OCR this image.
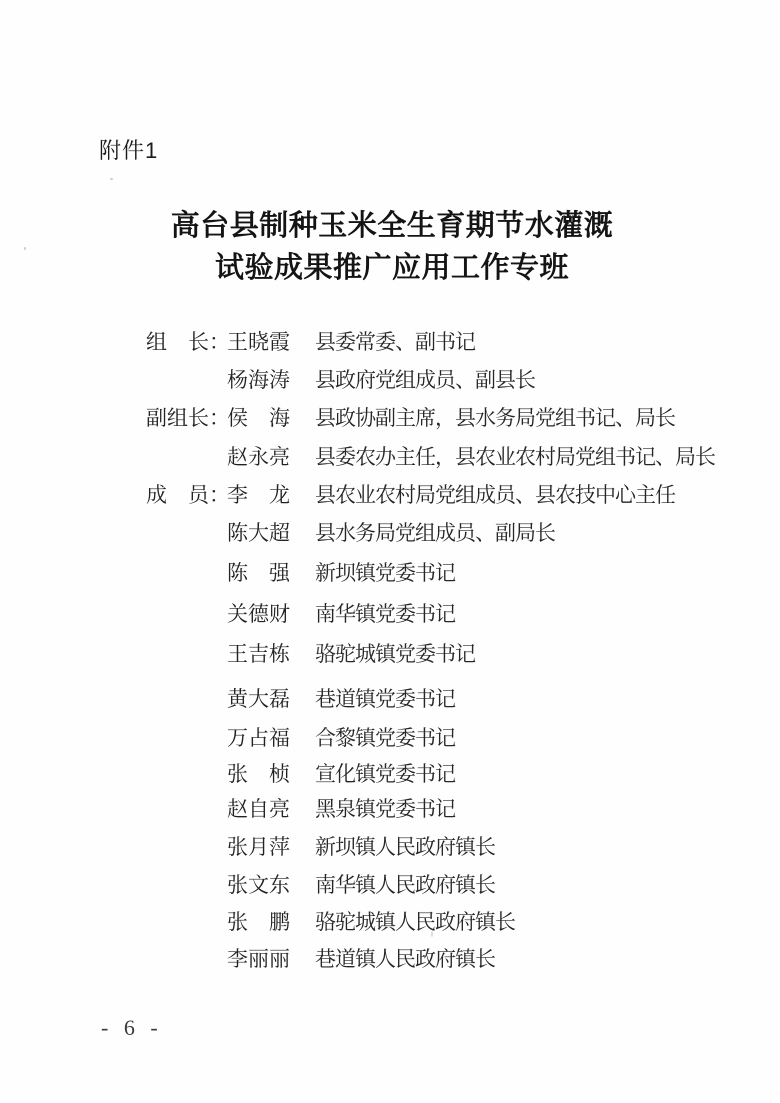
附件1
高台县制种玉米全生育期节水灌溉
试验成果推广应用工作专班
组　长：
王晓霞 县委常委、副书记
杨海涛 县政府党组成员、副县长
副组长：
侯　海 县政协副主席，县水务局党组书记、局长
赵永亮 县委农办主任，县农业农村局党组书记、局长
成　员：
李　龙 县农业农村局党组成员、县农技中心主任
陈大超 县水务局党组成员、副局长
陈　强 新坝镇党委书记
关德财 南华镇党委书记
王吉栋 骆驼城镇党委书记
黄大磊 巷道镇党委书记
万占福 合黎镇党委书记
张　桢 宣化镇党委书记
赵自亮 黑泉镇党委书记
张月萍 新坝镇人民政府镇长
张文东 南华镇人民政府镇长
张　鹏 骆驼城镇人民政府镇长
李丽丽 巷道镇人民政府镇长
- 6 -
